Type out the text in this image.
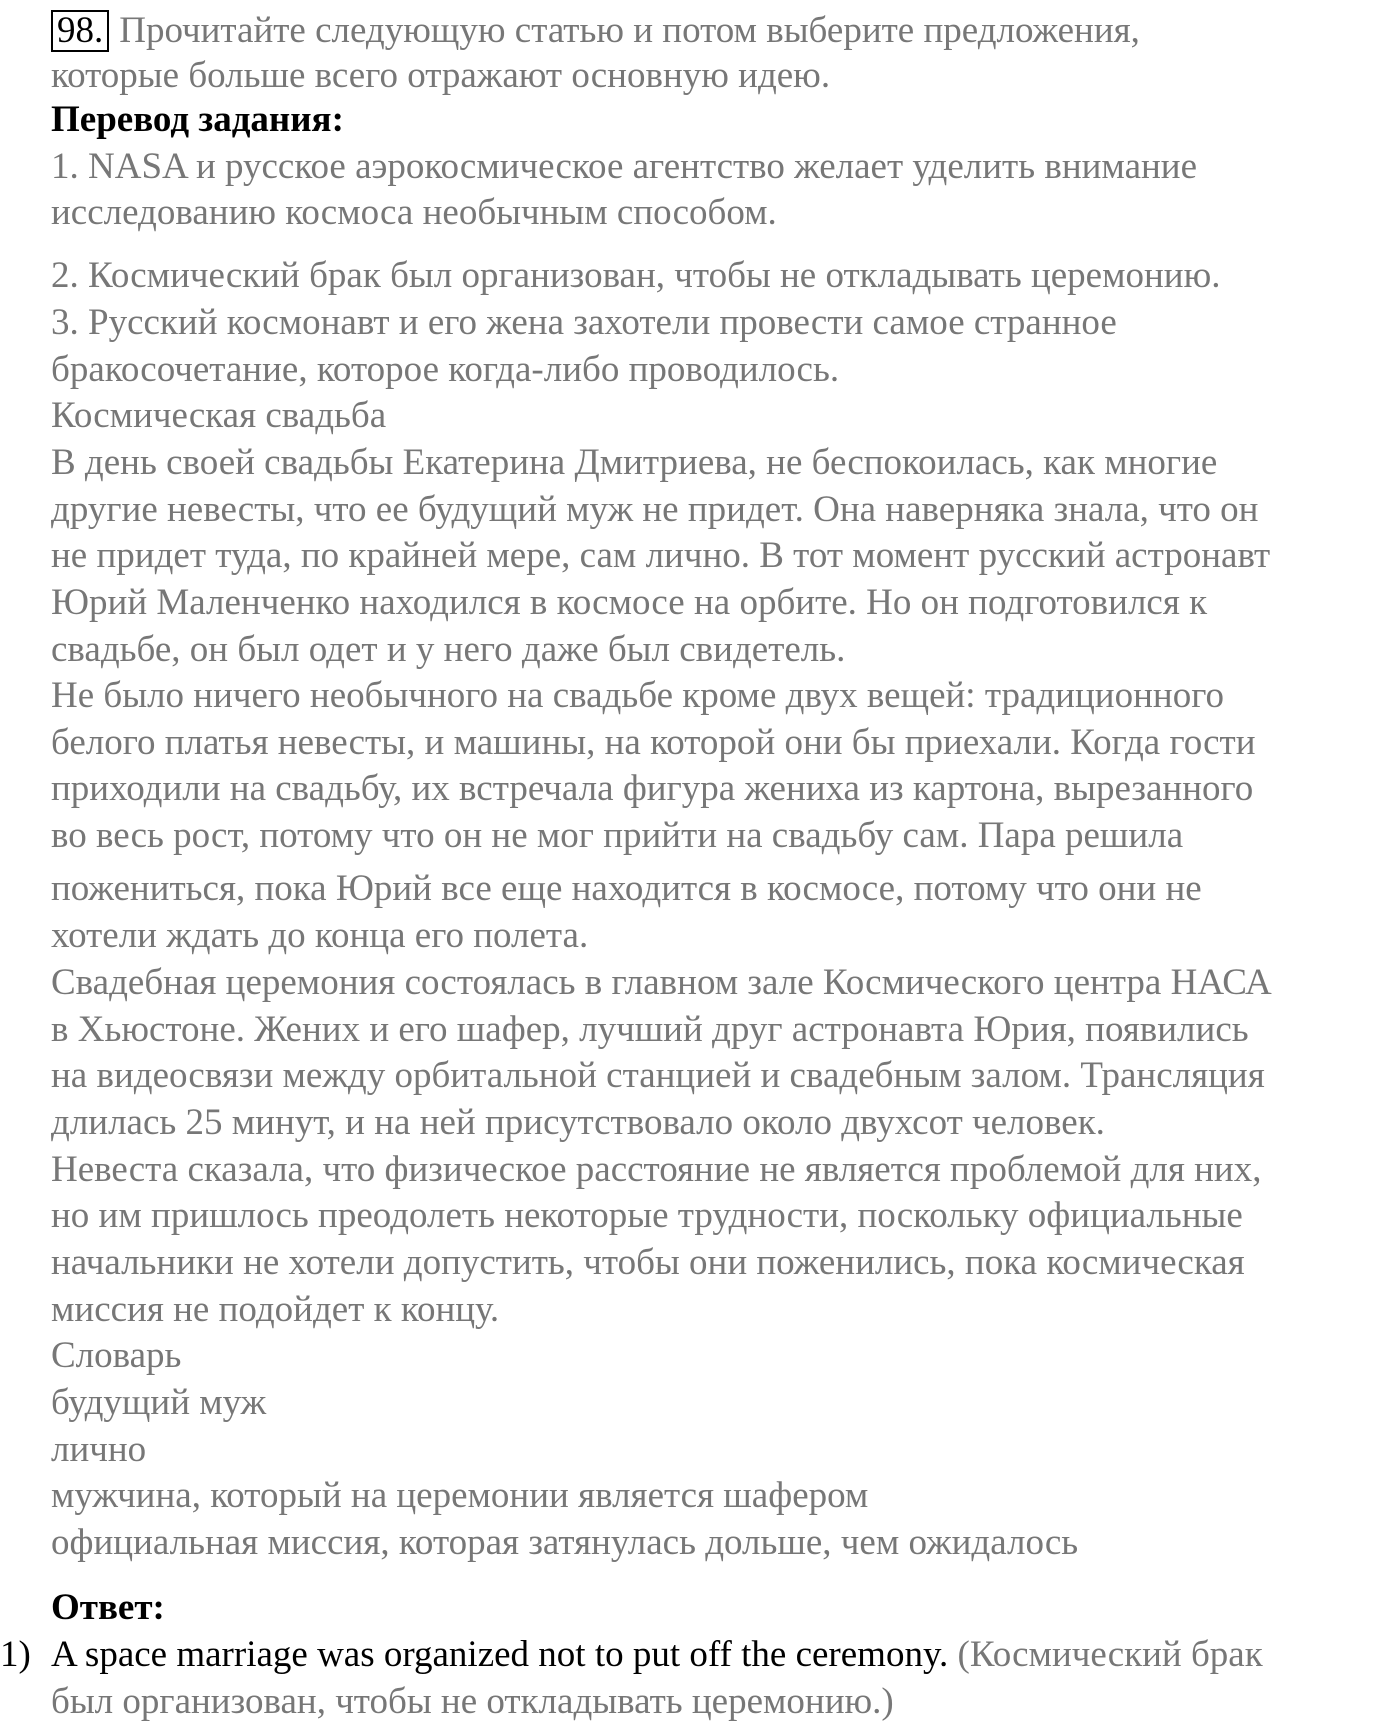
98. Прочитайте следующую статью и потом выберите предложения,
которые больше всего отражают основную идею.
Перевод задания:
1. NASA и русское аэрокосмическое агентство желает уделить внимание
исследованию космоса необычным способом.
2. Космический брак был организован, чтобы не откладывать церемонию.
3. Русский космонавт и его жена захотели провести самое странное
бракосочетание, которое когда-либо проводилось.
Космическая свадьба
В день своей свадьбы Екатерина Дмитриева, не беспокоилась, как многие
другие невесты, что ее будущий муж не придет. Она наверняка знала, что он
не придет туда, по крайней мере, сам лично. В тот момент русский астронавт
Юрий Маленченко находился в космосе на орбите. Но он подготовился к
свадьбе, он был одет и у него даже был свидетель.
Не было ничего необычного на свадьбе кроме двух вещей: традиционного
белого платья невесты, и машины, на которой они бы приехали. Когда гости
приходили на свадьбу, их встречала фигура жениха из картона, вырезанного
во весь рост, потому что он не мог прийти на свадьбу сам. Пара решила
пожениться, пока Юрий все еще находится в космосе, потому что они не
хотели ждать до конца его полета.
Свадебная церемония состоялась в главном зале Космического центра НАСА
в Хьюстоне. Жених и его шафер, лучший друг астронавта Юрия, появились
на видеосвязи между орбитальной станцией и свадебным залом. Трансляция
длилась 25 минут, и на ней присутствовало около двухсот человек.
Невеста сказала, что физическое расстояние не является проблемой для них,
но им пришлось преодолеть некоторые трудности, поскольку официальные
начальники не хотели допустить, чтобы они поженились, пока космическая
миссия не подойдет к концу.
Словарь
будущий муж
лично
мужчина, который на церемонии является шафером
официальная миссия, которая затянулась дольше, чем ожидалось
Ответ:
1) A space marriage was organized not to put off the ceremony. (Космический брак
был организован, чтобы не откладывать церемонию.)
